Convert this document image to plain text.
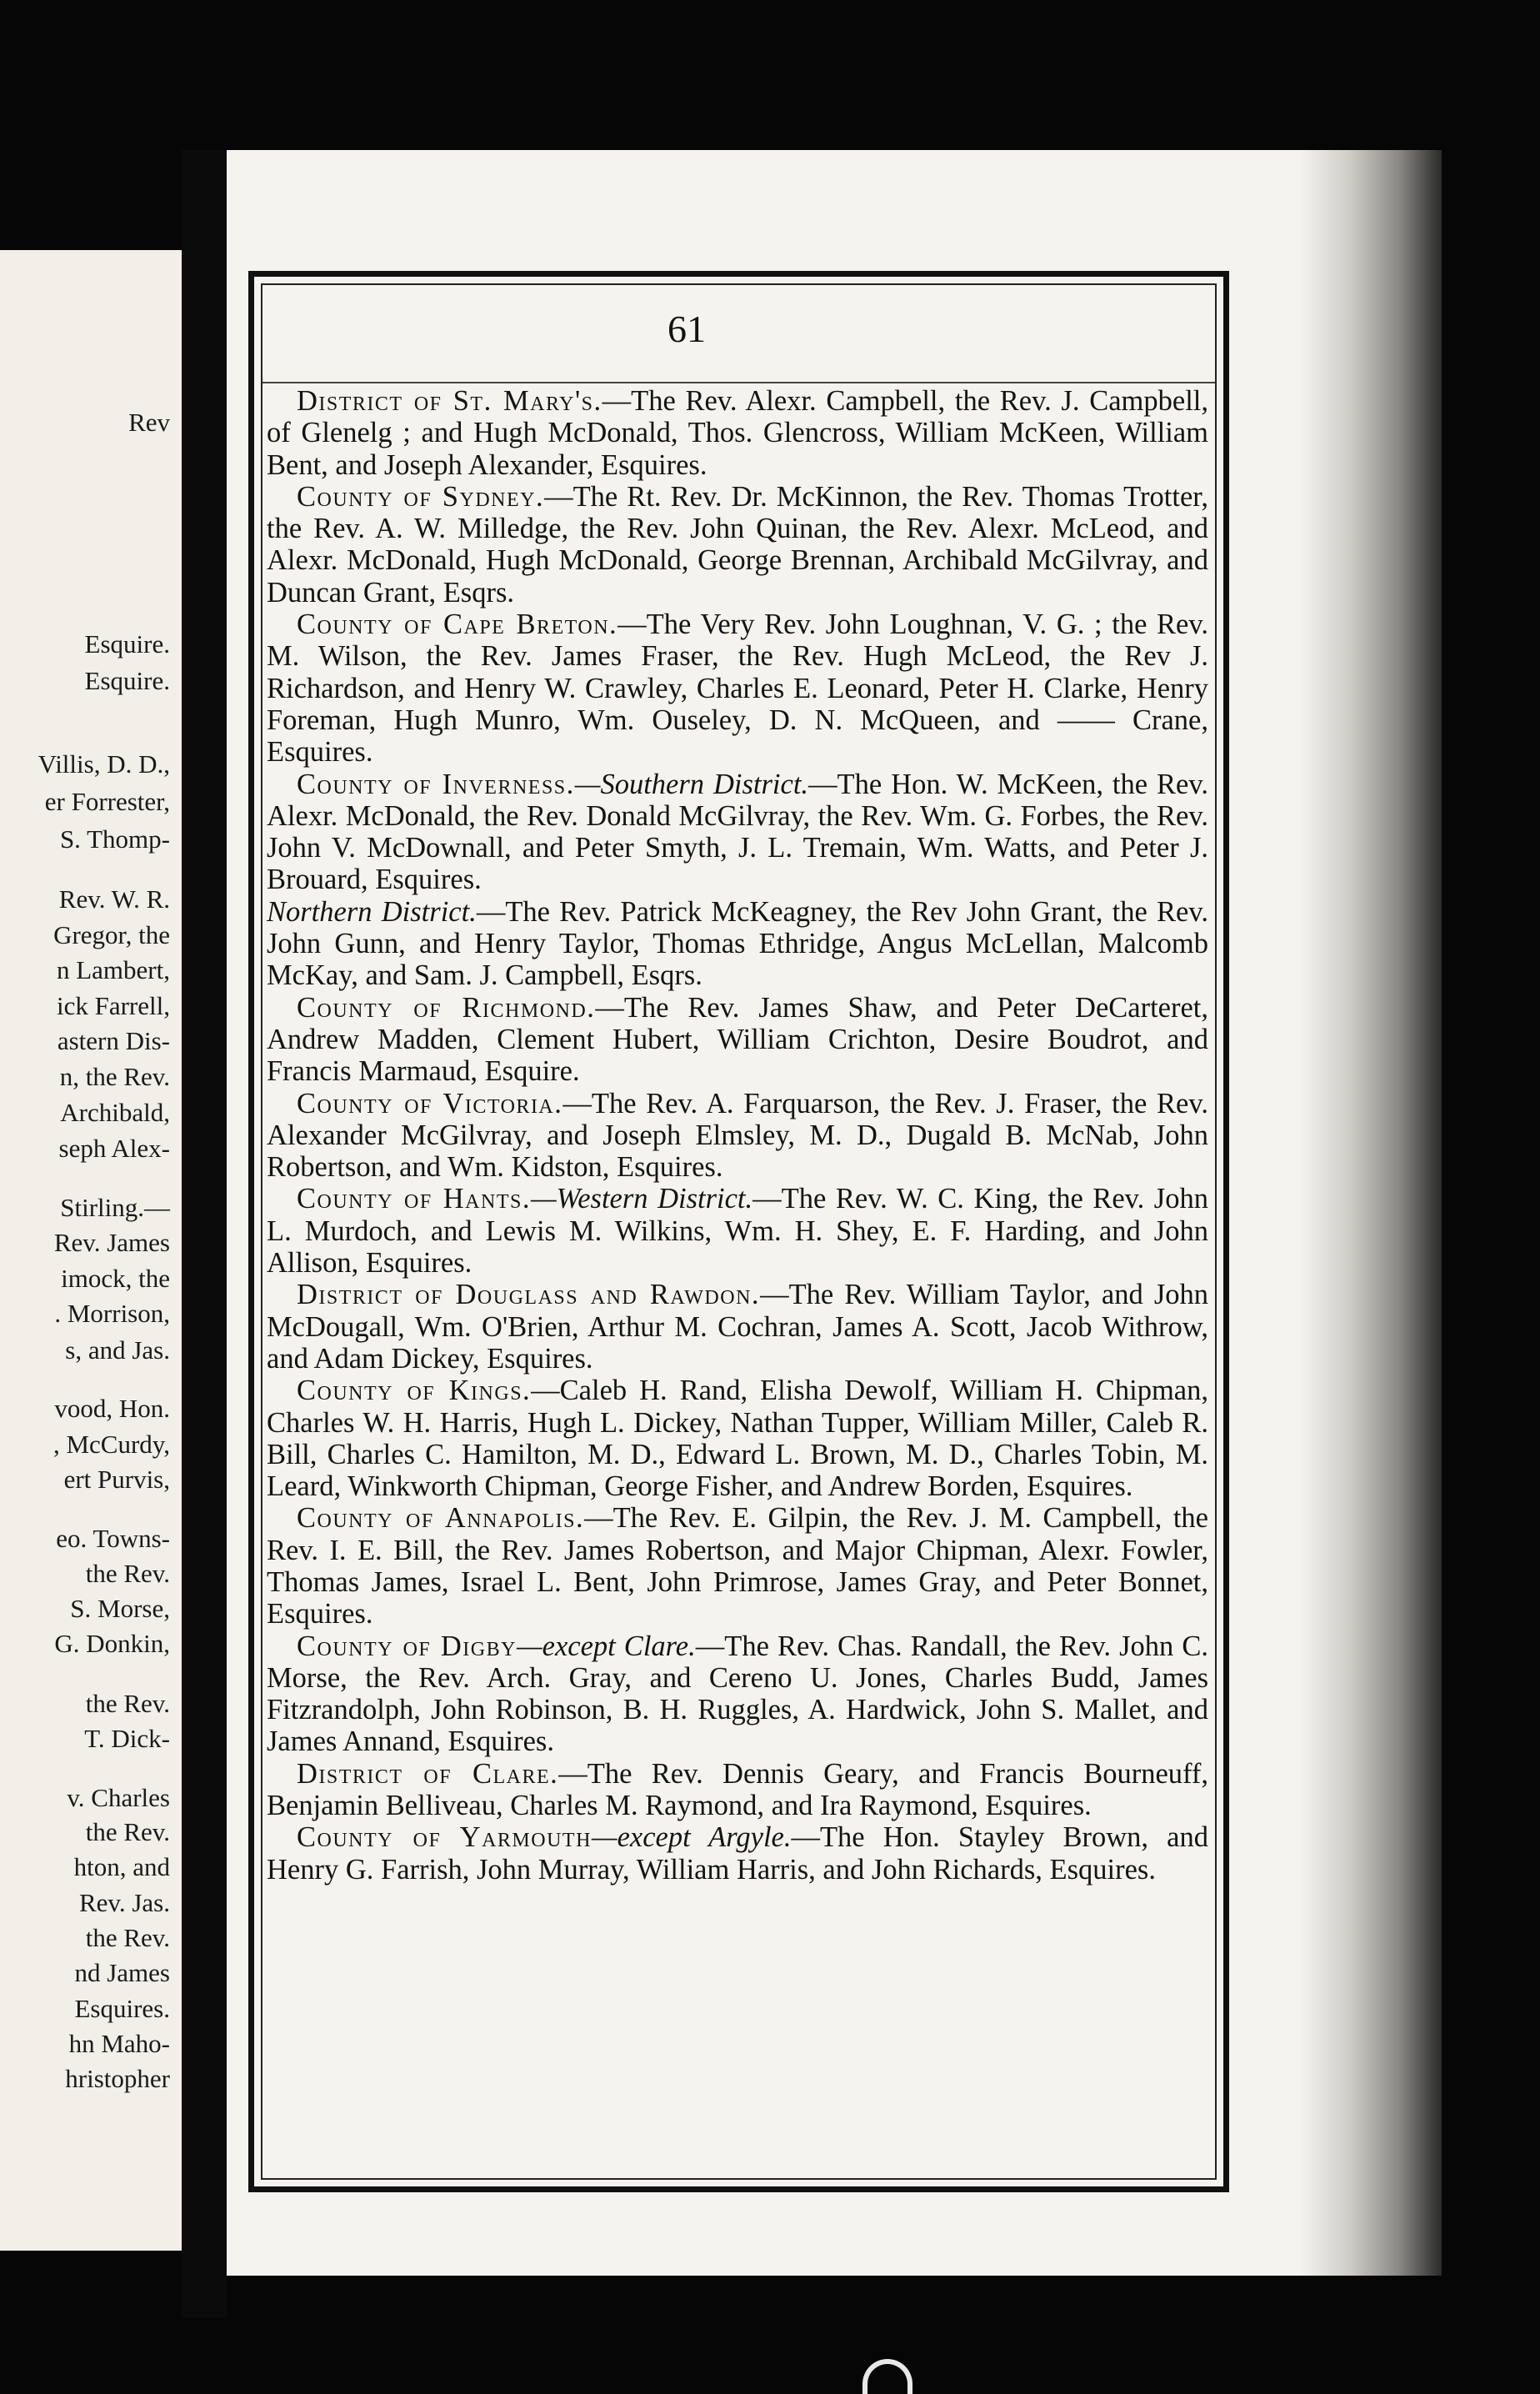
Rev
Esquire.
Esquire.
Villis, D. D.,
er Forrester,
S. Thomp-
Rev. W. R.
Gregor, the
n Lambert,
ick Farrell,
astern Dis-
n, the Rev.
Archibald,
seph Alex-
Stirling.—
Rev. James
imock, the
. Morrison,
s, and Jas.
vood, Hon.
, McCurdy,
ert Purvis,
eo. Towns-
the Rev.
S. Morse,
G. Donkin,
the Rev.
T. Dick-
v. Charles
the Rev.
hton, and
Rev. Jas.
the Rev.
nd James
Esquires.
hn Maho-
hristopher
61

District of St. Mary's.—The Rev. Alexr. Campbell, the Rev. J. Campbell, of Glenelg ; and Hugh McDonald, Thos. Glencross, William McKeen, William Bent, and Joseph Alexander, Esquires.

County of Sydney.—The Rt. Rev. Dr. McKinnon, the Rev. Thomas Trotter, the Rev. A. W. Milledge, the Rev. John Quinan, the Rev. Alexr. McLeod, and Alexr. McDonald, Hugh McDonald, George Brennan, Archibald McGilvray, and Duncan Grant, Esqrs.

County of Cape Breton.—The Very Rev. John Loughnan, V. G. ; the Rev. M. Wilson, the Rev. James Fraser, the Rev. Hugh McLeod, the Rev J. Richardson, and Henry W. Crawley, Charles E. Leonard, Peter H. Clarke, Henry Foreman, Hugh Munro, Wm. Ouseley, D. N. McQueen, and —— Crane, Esquires.

County of Inverness.—Southern District.—The Hon. W. McKeen, the Rev. Alexr. McDonald, the Rev. Donald McGilvray, the Rev. Wm. G. Forbes, the Rev. John V. McDownall, and Peter Smyth, J. L. Tremain, Wm. Watts, and Peter J. Brouard, Esquires.

Northern District.—The Rev. Patrick McKeagney, the Rev John Grant, the Rev. John Gunn, and Henry Taylor, Thomas Ethridge, Angus McLellan, Malcomb McKay, and Sam. J. Campbell, Esqrs.

County of Richmond.—The Rev. James Shaw, and Peter DeCarteret, Andrew Madden, Clement Hubert, William Crichton, Desire Boudrot, and Francis Marmaud, Esquire.

County of Victoria.—The Rev. A. Farquarson, the Rev. J. Fraser, the Rev. Alexander McGilvray, and Joseph Elmsley, M. D., Dugald B. McNab, John Robertson, and Wm. Kidston, Esquires.

County of Hants.—Western District.—The Rev. W. C. King, the Rev. John L. Murdoch, and Lewis M. Wilkins, Wm. H. Shey, E. F. Harding, and John Allison, Esquires.

District of Douglass and Rawdon.—The Rev. William Taylor, and John McDougall, Wm. O'Brien, Arthur M. Cochran, James A. Scott, Jacob Withrow, and Adam Dickey, Esquires.

County of Kings.—Caleb H. Rand, Elisha Dewolf, William H. Chipman, Charles W. H. Harris, Hugh L. Dickey, Nathan Tupper, William Miller, Caleb R. Bill, Charles C. Hamilton, M. D., Edward L. Brown, M. D., Charles Tobin, M. Leard, Winkworth Chipman, George Fisher, and Andrew Borden, Esquires.

County of Annapolis.—The Rev. E. Gilpin, the Rev. J. M. Campbell, the Rev. I. E. Bill, the Rev. James Robertson, and Major Chipman, Alexr. Fowler, Thomas James, Israel L. Bent, John Primrose, James Gray, and Peter Bonnet, Esquires.

County of Digby—except Clare.—The Rev. Chas. Randall, the Rev. John C. Morse, the Rev. Arch. Gray, and Cereno U. Jones, Charles Budd, James Fitzrandolph, John Robinson, B. H. Ruggles, A. Hardwick, John S. Mallet, and James Annand, Esquires.

District of Clare.—The Rev. Dennis Geary, and Francis Bourneuff, Benjamin Belliveau, Charles M. Raymond, and Ira Raymond, Esquires.

County of Yarmouth—except Argyle.—The Hon. Stayley Brown, and Henry G. Farrish, John Murray, William Harris, and John Richards, Esquires.
